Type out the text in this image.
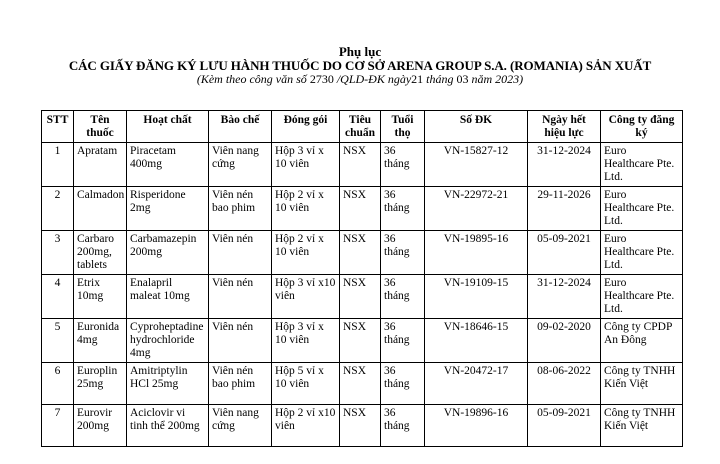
Phụ lục
CÁC GIẤY ĐĂNG KÝ LƯU HÀNH THUỐC DO CƠ SỞ ARENA GROUP S.A. (ROMANIA) SẢN XUẤT
(Kèm theo công văn số 2730 /QLD-ĐK ngày21 tháng 03 năm 2023)
STT	Tên thuốc	Hoạt chất	Bào chế	Đóng gói	Tiêu chuẩn	Tuổi thọ	Số ĐK	Ngày hết hiệu lực	Công ty đăng ký
1	Apratam	Piracetam 400mg	Viên nang cứng	Hộp 3 vỉ x 10 viên	NSX	36 tháng	VN-15827-12	31-12-2024	Euro Healthcare Pte. Ltd.
2	Calmadon	Risperidone 2mg	Viên nén bao phim	Hộp 2 vỉ x 10 viên	NSX	36 tháng	VN-22972-21	29-11-2026	Euro Healthcare Pte. Ltd.
3	Carbaro 200mg, tablets	Carbamazepin 200mg	Viên nén	Hộp 2 vỉ x 10 viên	NSX	36 tháng	VN-19895-16	05-09-2021	Euro Healthcare Pte. Ltd.
4	Etrix 10mg	Enalapril maleat 10mg	Viên nén	Hộp 3 vỉ x10 viên	NSX	36 tháng	VN-19109-15	31-12-2024	Euro Healthcare Pte. Ltd.
5	Euronida 4mg	Cyproheptadine hydrochloride 4mg	Viên nén	Hộp 3 vỉ x 10 viên	NSX	36 tháng	VN-18646-15	09-02-2020	Công ty CPDP An Đông
6	Europlin 25mg	Amitriptylin HCl 25mg	Viên nén bao phim	Hộp 5 vỉ x 10 viên	NSX	36 tháng	VN-20472-17	08-06-2022	Công ty TNHH Kiến Việt
7	Eurovir 200mg	Aciclovir vi tinh thể 200mg	Viên nang cứng	Hộp 2 vỉ x10 viên	NSX	36 tháng	VN-19896-16	05-09-2021	Công ty TNHH Kiến Việt
